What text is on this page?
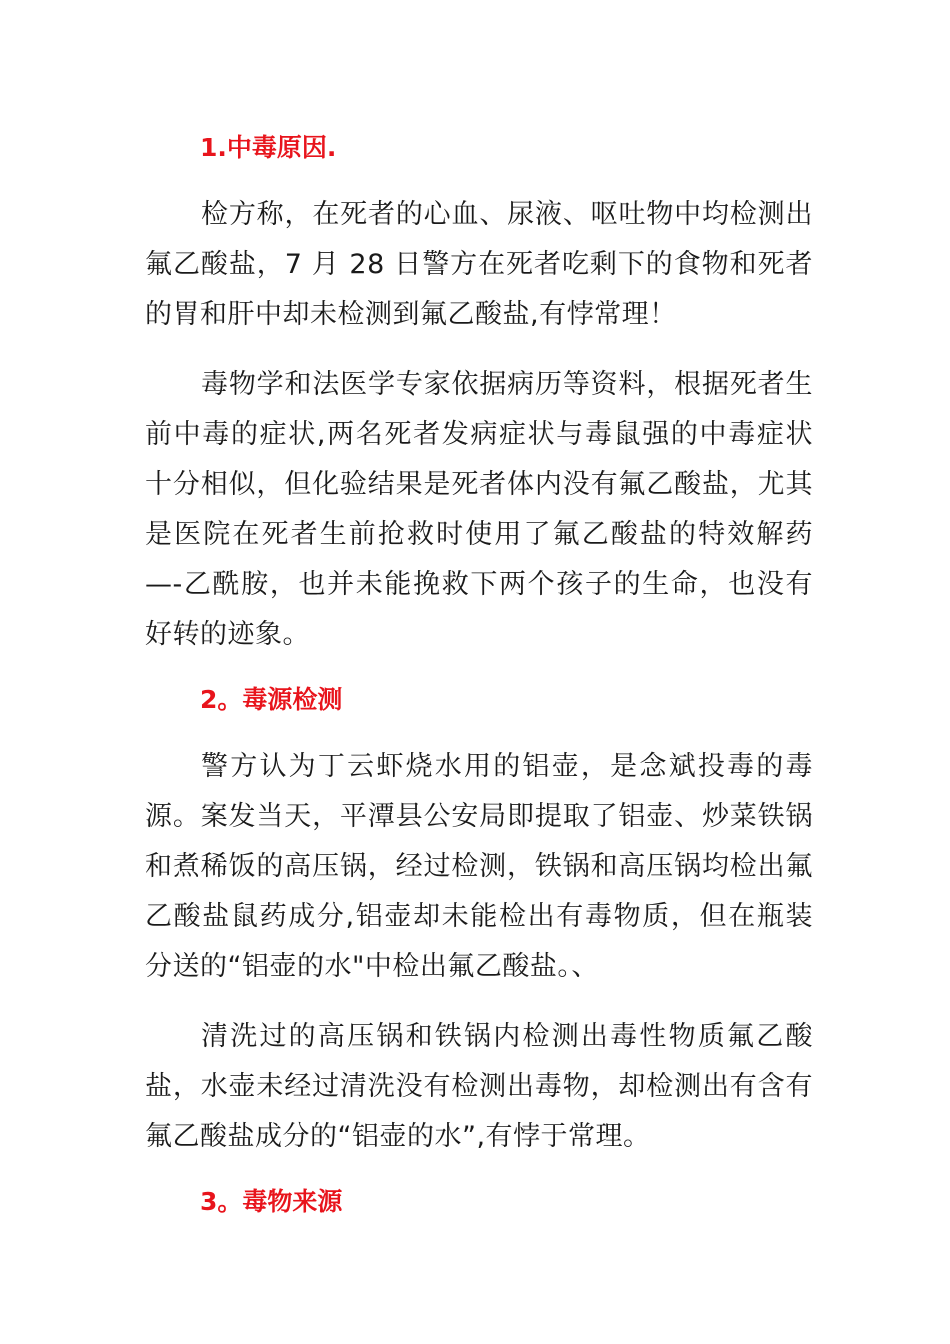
1.中毒原因.

检方称，在死者的心血、尿液、呕吐物中均检测出氟乙酸盐，7 月 28 日警方在死者吃剩下的食物和死者的胃和肝中却未检测到氟乙酸盐,有悖常理！

毒物学和法医学专家依据病历等资料，根据死者生前中毒的症状,两名死者发病症状与毒鼠强的中毒症状十分相似，但化验结果是死者体内没有氟乙酸盐，尤其是医院在死者生前抢救时使用了氟乙酸盐的特效解药—-乙酰胺，也并未能挽救下两个孩子的生命，也没有好转的迹象。

2。毒源检测

警方认为丁云虾烧水用的铝壶，是念斌投毒的毒源。案发当天，平潭县公安局即提取了铝壶、炒菜铁锅和煮稀饭的高压锅，经过检测，铁锅和高压锅均检出氟乙酸盐鼠药成分,铝壶却未能检出有毒物质，但在瓶装分送的“铝壶的水"中检出氟乙酸盐。、

清洗过的高压锅和铁锅内检测出毒性物质氟乙酸盐，水壶未经过清洗没有检测出毒物，却检测出有含有氟乙酸盐成分的“铝壶的水”,有悖于常理。

3。毒物来源
